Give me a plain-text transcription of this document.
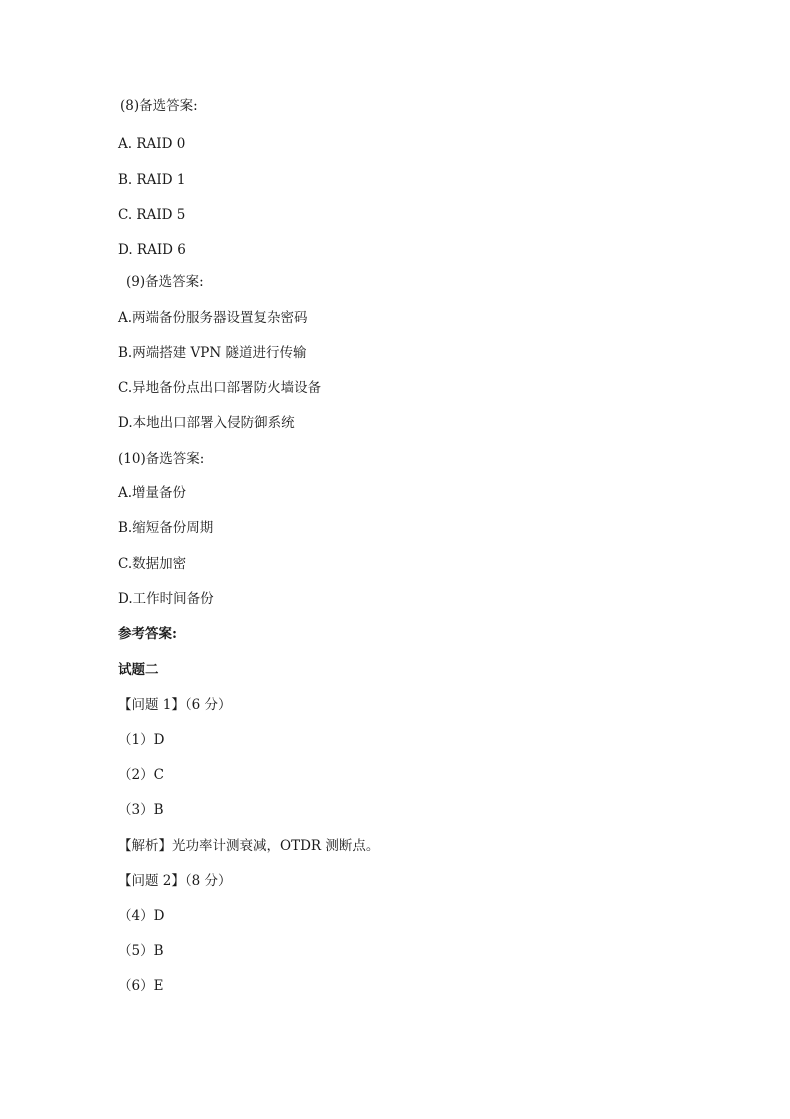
(8)备选答案:
A. RAID 0
B. RAID 1
C. RAID 5
D. RAID 6
(9)备选答案:
A.两端备份服务器设置复杂密码
B.两端搭建 VPN 隧道进行传输
C.异地备份点出口部署防火墙设备
D.本地出口部署入侵防御系统
(10)备选答案:
A.增量备份
B.缩短备份周期
C.数据加密
D.工作时间备份
参考答案:
试题二
【问题 1】（6 分）
（1）D
（2）C
（3）B
【解析】光功率计测衰减，OTDR 测断点。
【问题 2】（8 分）
（4）D
（5）B
（6）E
